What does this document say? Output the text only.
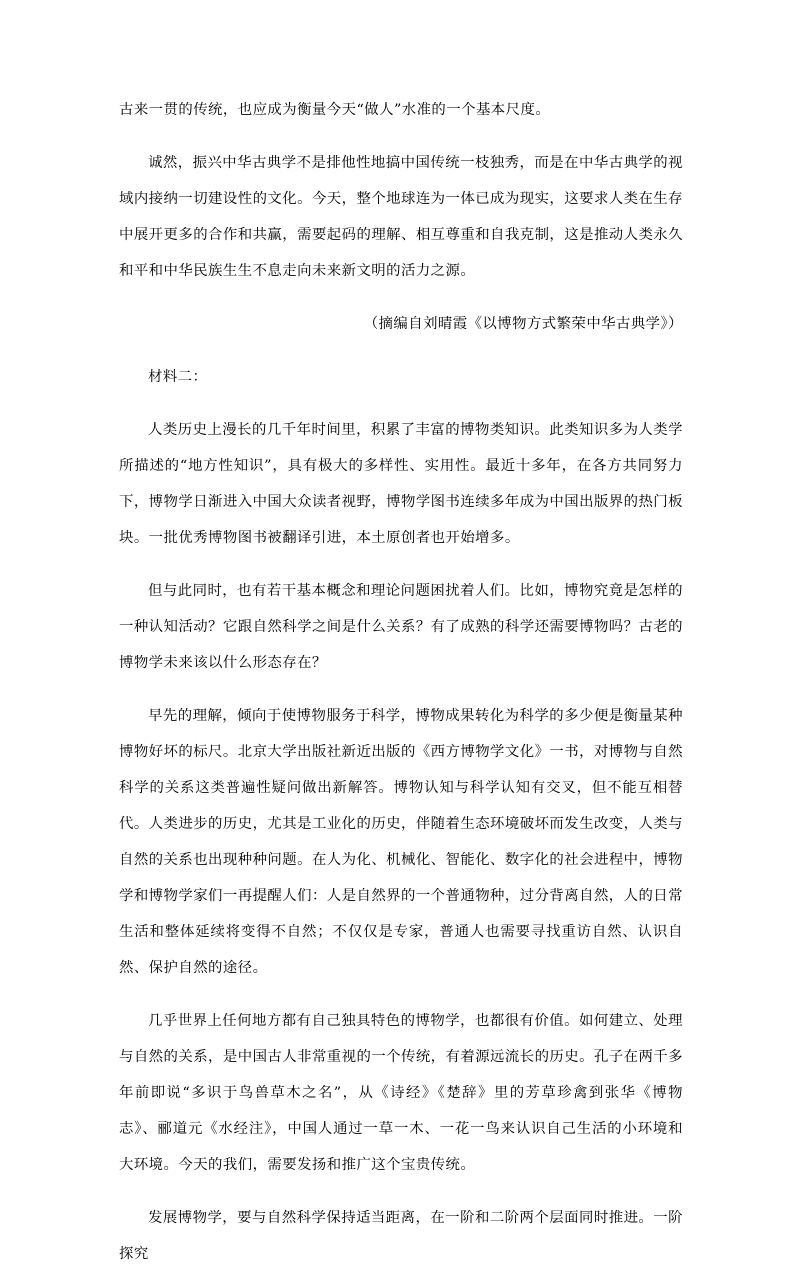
古来一贯的传统，也应成为衡量今天“做人”水准的一个基本尺度。

诚然，振兴中华古典学不是排他性地搞中国传统一枝独秀，而是在中华古典学的视域内接纳一切建设性的文化。今天，整个地球连为一体已成为现实，这要求人类在生存中展开更多的合作和共赢，需要起码的理解、相互尊重和自我克制，这是推动人类永久和平和中华民族生生不息走向未来新文明的活力之源。

（摘编自刘晴霞《以博物方式繁荣中华古典学》）

材料二：

人类历史上漫长的几千年时间里，积累了丰富的博物类知识。此类知识多为人类学所描述的“地方性知识”，具有极大的多样性、实用性。最近十多年，在各方共同努力下，博物学日渐进入中国大众读者视野，博物学图书连续多年成为中国出版界的热门板块。一批优秀博物图书被翻译引进，本土原创者也开始增多。

但与此同时，也有若干基本概念和理论问题困扰着人们。比如，博物究竟是怎样的一种认知活动？它跟自然科学之间是什么关系？有了成熟的科学还需要博物吗？古老的博物学未来该以什么形态存在？

早先的理解，倾向于使博物服务于科学，博物成果转化为科学的多少便是衡量某种博物好坏的标尺。北京大学出版社新近出版的《西方博物学文化》一书，对博物与自然科学的关系这类普遍性疑问做出新解答。博物认知与科学认知有交叉，但不能互相替代。人类进步的历史，尤其是工业化的历史，伴随着生态环境破坏而发生改变，人类与自然的关系也出现种种问题。在人为化、机械化、智能化、数字化的社会进程中，博物学和博物学家们一再提醒人们：人是自然界的一个普通物种，过分背离自然，人的日常生活和整体延续将变得不自然；不仅仅是专家，普通人也需要寻找重访自然、认识自然、保护自然的途径。

几乎世界上任何地方都有自己独具特色的博物学，也都很有价值。如何建立、处理与自然的关系，是中国古人非常重视的一个传统，有着源远流长的历史。孔子在两千多年前即说“多识于鸟兽草木之名”，从《诗经》《楚辞》里的芳草珍禽到张华《博物志》、郦道元《水经注》，中国人通过一草一木、一花一鸟来认识自己生活的小环境和大环境。今天的我们，需要发扬和推广这个宝贵传统。

发展博物学，要与自然科学保持适当距离，在一阶和二阶两个层面同时推进。一阶探究
